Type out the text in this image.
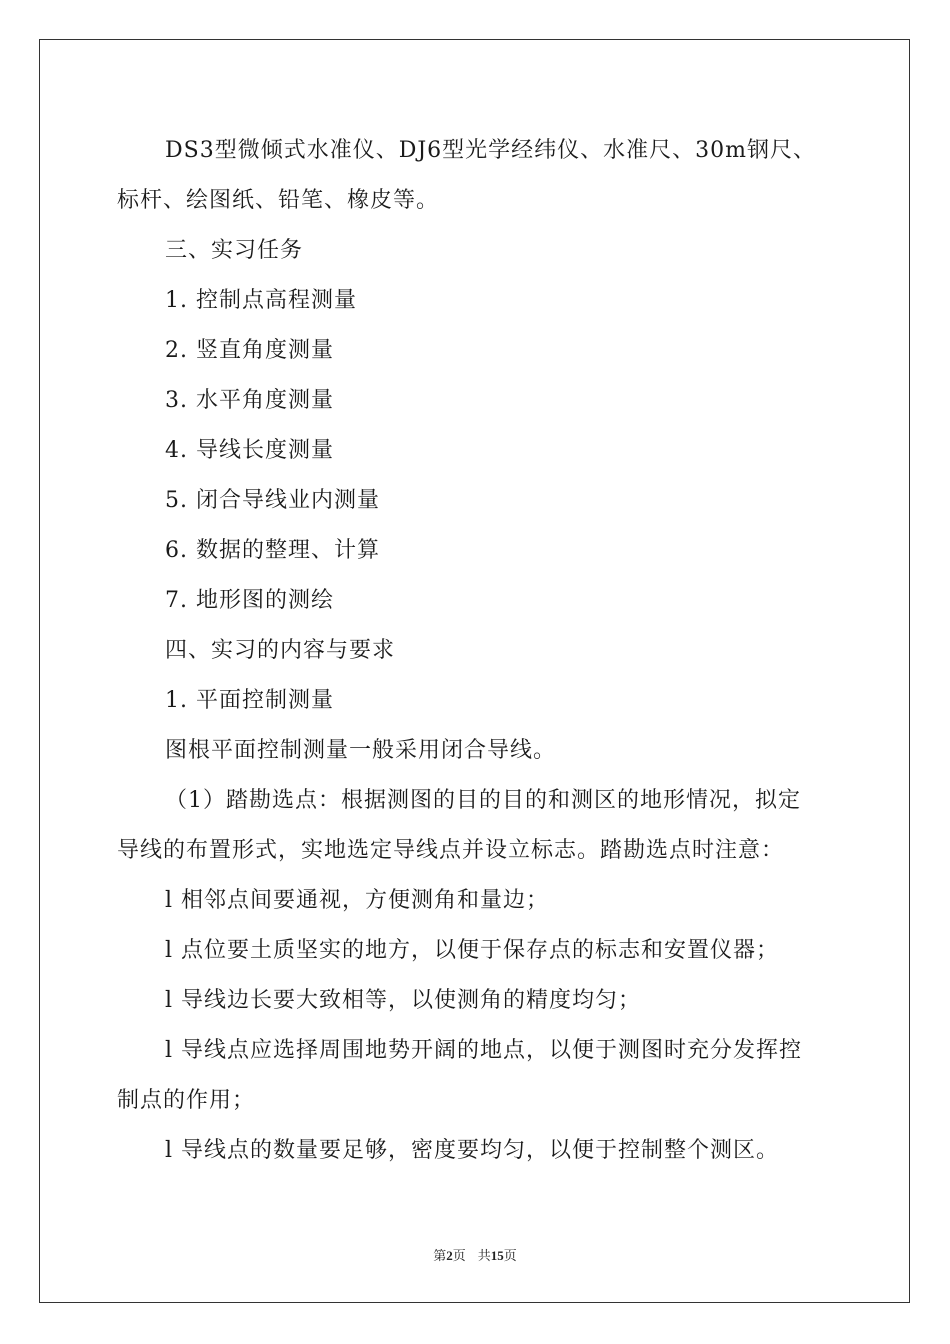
DS3型微倾式水准仪、DJ6型光学经纬仪、水准尺、30m钢尺、
标杆、绘图纸、铅笔、橡皮等。
三、实习任务
1. 控制点高程测量
2. 竖直角度测量
3. 水平角度测量
4. 导线长度测量
5. 闭合导线业内测量
6. 数据的整理、计算
7. 地形图的测绘
四、实习的内容与要求
1. 平面控制测量
图根平面控制测量一般采用闭合导线。
（1）踏勘选点：根据测图的目的目的和测区的地形情况，拟定
导线的布置形式，实地选定导线点并设立标志。踏勘选点时注意：
l 相邻点间要通视，方便测角和量边；
l 点位要土质坚实的地方，以便于保存点的标志和安置仪器；
l 导线边长要大致相等，以使测角的精度均匀；
l 导线点应选择周围地势开阔的地点，以便于测图时充分发挥控
制点的作用；
l 导线点的数量要足够，密度要均匀，以便于控制整个测区。
第2页 共15页
